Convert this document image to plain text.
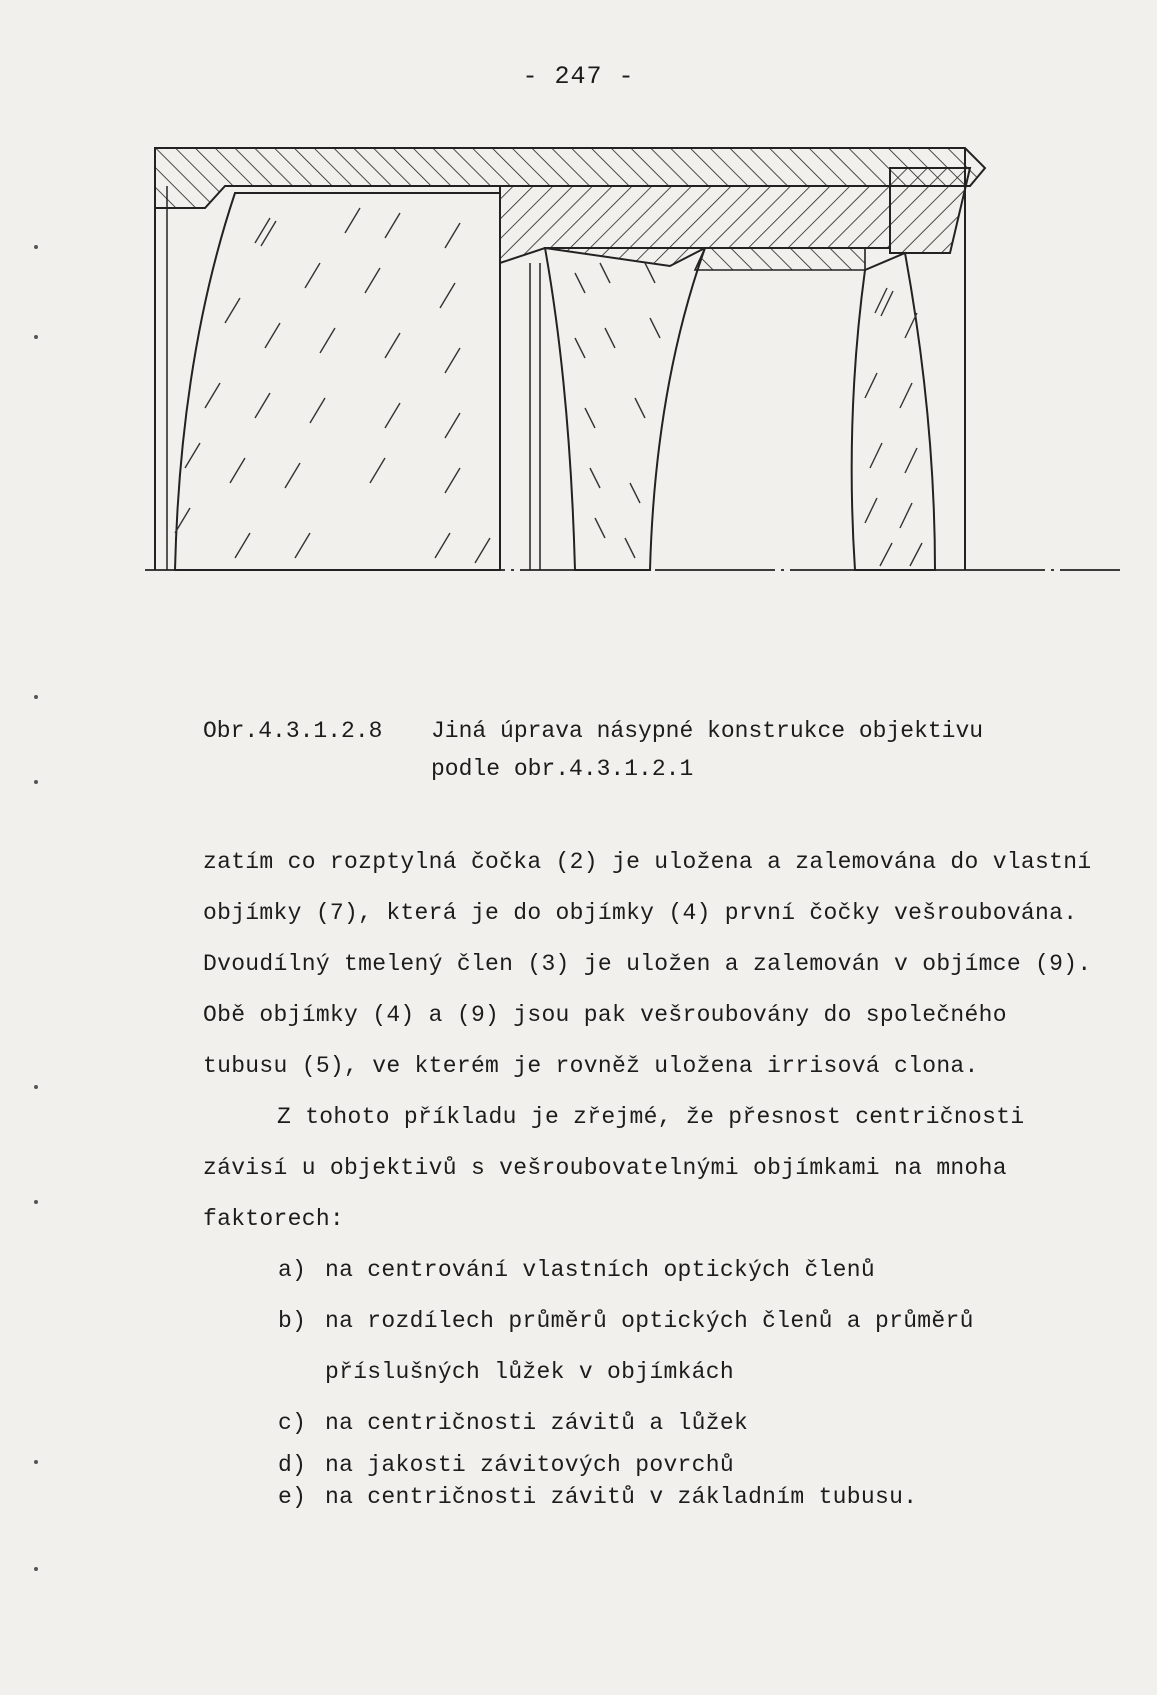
- 247 -
Obr.4.3.1.2.8 Jiná úprava násypné konstrukce objektivu
podle obr.4.3.1.2.1

zatím co rozptylná čočka (2) je uložena a zalemována do vlastní objímky (7), která je do objímky (4) první čočky vešroubována. Dvoudílný tmelený člen (3) je uložen a zalemován v objímce (9). Obě objímky (4) a (9) jsou pak vešroubovány do společného tubusu (5), ve kterém je rovněž uložena irrisová clona.

Z tohoto příkladu je zřejmé, že přesnost centričnosti závisí u objektivů s vešroubovatelnými objímkami na mnoha faktorech:

a) na centrování vlastních optických členů
b) na rozdílech průměrů optických členů a průměrů příslušných lůžek v objímkách
c) na centričnosti závitů a lůžek
d) na jakosti závitových povrchů
e) na centričnosti závitů v základním tubusu.
